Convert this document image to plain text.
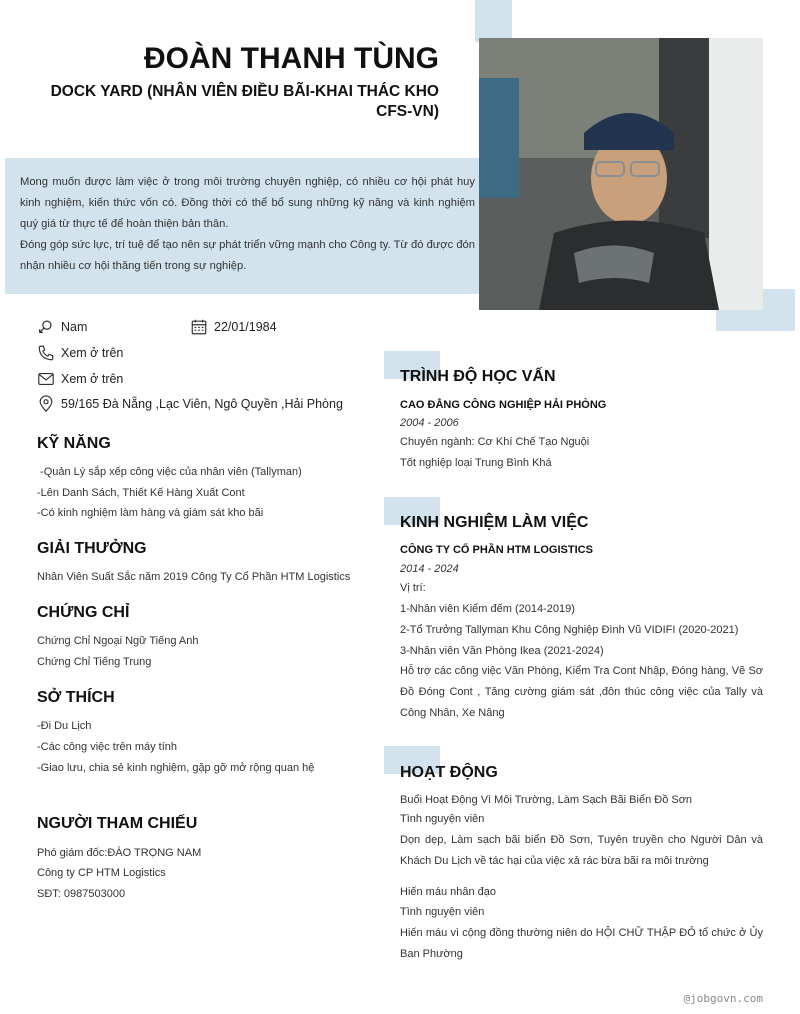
ĐOÀN THANH TÙNG
DOCK YARD (NHÂN VIÊN ĐIỀU BÃI-KHAI THÁC KHO CFS-VN)

Mong muốn được làm việc ở trong môi trường chuyên nghiệp, có nhiều cơ hội phát huy kinh nghiệm, kiến thức vốn có. Đồng thời có thể bổ sung những kỹ năng và kinh nghiệm quý giá từ thực tế để hoàn thiện bản thân.

Đóng góp sức lực, trí tuệ để tạo nên sự phát triển vững mạnh cho Công ty. Từ đó được đón nhận nhiều cơ hội thăng tiến trong sự nghiệp.

Nam	22/01/1984
Xem ở trên
Xem ở trên
59/165 Đà Nẵng ,Lạc Viên, Ngô Quyền ,Hải Phòng
KỸ NĂNG
-Quản Lý sắp xếp công việc của nhân viên (Tallyman)
-Lên Danh Sách, Thiết Kế Hàng Xuất Cont
-Có kinh nghiệm làm hàng và giám sát kho bãi
GIẢI THƯỞNG
Nhân Viên Suất Sắc năm 2019 Công Ty Cổ Phần HTM Logistics
CHỨNG CHỈ
Chứng Chỉ Ngoại Ngữ Tiếng Anh
Chứng Chỉ Tiếng Trung
SỞ THÍCH
-Đi Du Lịch
-Các công việc trên máy tính
-Giao lưu, chia sẻ kinh nghiệm, gặp gỡ mở rộng quan hệ
NGƯỜI THAM CHIẾU
Phó giám đốc:ĐÀO TRỌNG NAM
Công ty CP HTM Logistics
SĐT: 0987503000
TRÌNH ĐỘ HỌC VẤN
CAO ĐẲNG CÔNG NGHIỆP HẢI PHÒNG
2004 - 2006
Chuyên ngành: Cơ Khí Chế Tạo Nguội
Tốt nghiệp loại Trung Bình Khá
KINH NGHIỆM LÀM VIỆC
CÔNG TY CỔ PHẦN HTM LOGISTICS
2014 - 2024
Vị trí:
1-Nhân viên Kiểm đếm (2014-2019)
2-Tổ Trưởng Tallyman Khu Công Nghiệp Đình Vũ VIDIFI (2020-2021)
3-Nhân viên Văn Phòng Ikea (2021-2024)
Hỗ trợ các công việc Văn Phòng, Kiểm Tra Cont Nhập, Đóng hàng, Vẽ Sơ Đồ Đóng Cont , Tăng cường giám sát ,đôn thúc công việc của Tally và Công Nhân, Xe Nâng
HOẠT ĐỘNG
Buổi Hoạt Động Vì Môi Trường, Làm Sạch Bãi Biển Đồ Sơn
Tình nguyện viên
Dọn dẹp, Làm sạch bãi biển Đồ Sơn, Tuyên truyền cho Người Dân và Khách Du Lịch về tác hại của việc xả rác bừa bãi ra môi trường
Hiến máu nhân đạo
Tình nguyện viên
Hiến máu vì cộng đồng thường niên do HỘI CHỮ THẬP ĐỎ tổ chức ở Ủy Ban Phường
@jobgovn.com
